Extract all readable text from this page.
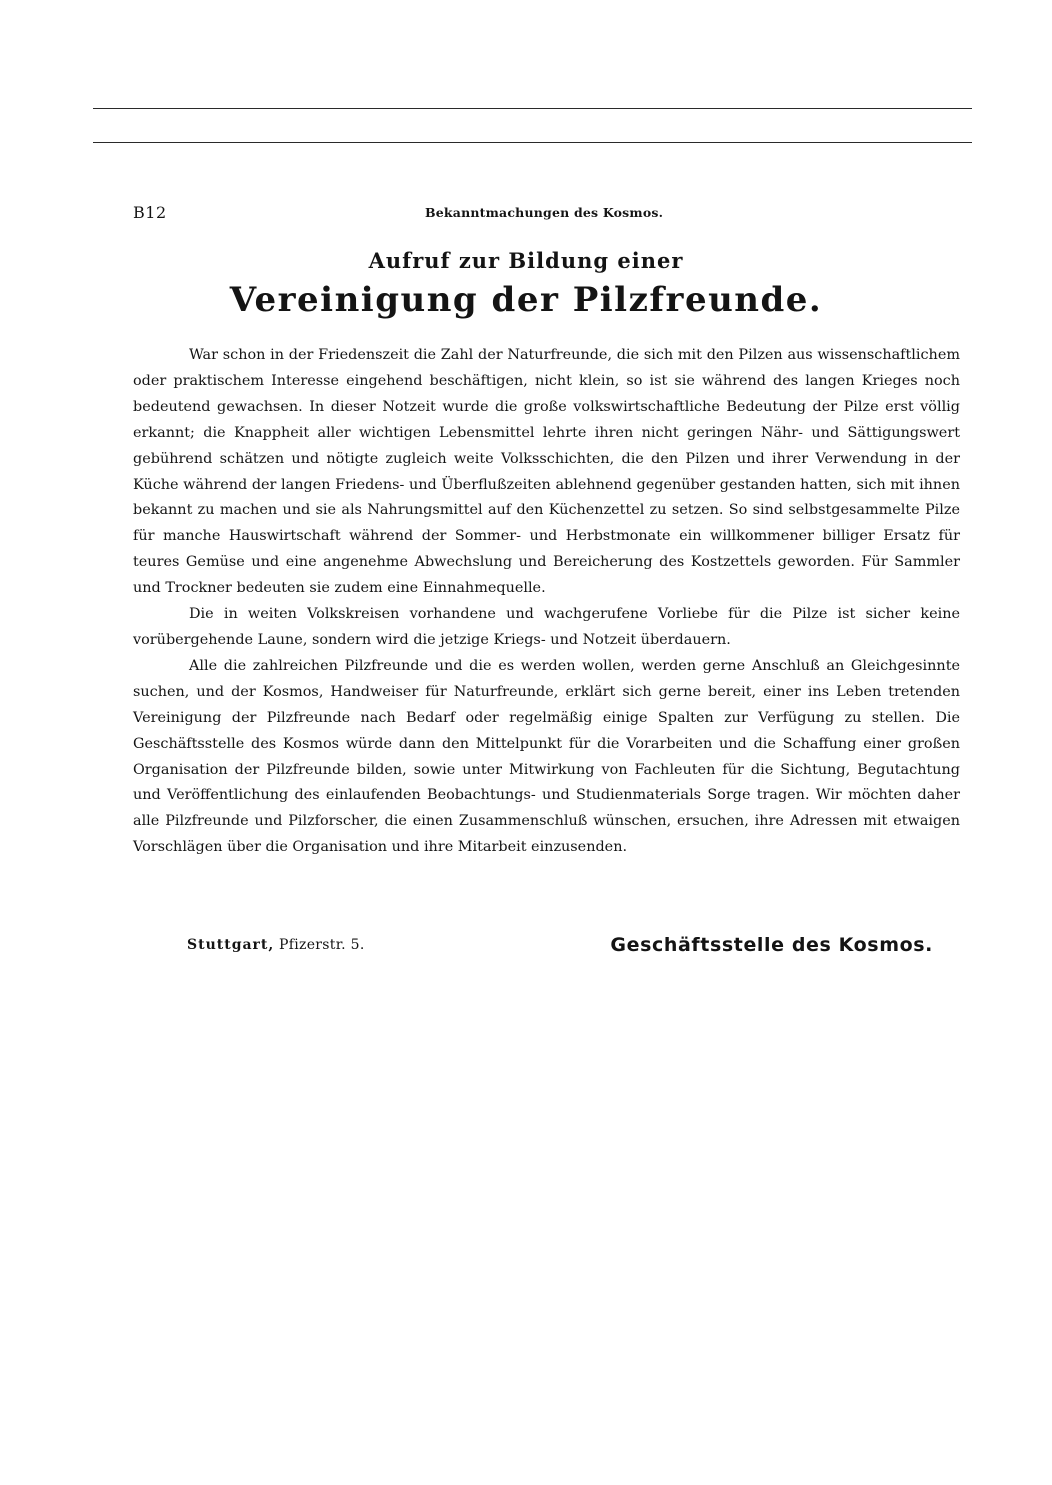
B12	Bekanntmachungen des Kosmos.
Aufruf zur Bildung einer
Vereinigung der Pilzfreunde.

War schon in der Friedenszeit die Zahl der Naturfreunde, die sich mit den Pilzen aus wissenschaftlichem oder praktischem Interesse eingehend beschäftigen, nicht klein, so ist sie während des langen Krieges noch bedeutend gewachsen. In dieser Notzeit wurde die große volkswirtschaftliche Bedeutung der Pilze erst völlig erkannt; die Knappheit aller wichtigen Lebensmittel lehrte ihren nicht geringen Nähr- und Sättigungswert gebührend schätzen und nötigte zugleich weite Volksschichten, die den Pilzen und ihrer Verwendung in der Küche während der langen Friedens- und Überflußzeiten ablehnend gegenüber gestanden hatten, sich mit ihnen bekannt zu machen und sie als Nahrungsmittel auf den Küchenzettel zu setzen. So sind selbstgesammelte Pilze für manche Hauswirtschaft während der Sommer- und Herbstmonate ein willkommener billiger Ersatz für teures Gemüse und eine angenehme Abwechslung und Bereicherung des Kostzettels geworden. Für Sammler und Trockner bedeuten sie zudem eine Einnahmequelle.

Die in weiten Volkskreisen vorhandene und wachgerufene Vorliebe für die Pilze ist sicher keine vorübergehende Laune, sondern wird die jetzige Kriegs- und Notzeit überdauern.

Alle die zahlreichen Pilzfreunde und die es werden wollen, werden gerne Anschluß an Gleichgesinnte suchen, und der Kosmos, Handweiser für Naturfreunde, erklärt sich gerne bereit, einer ins Leben tretenden Vereinigung der Pilzfreunde nach Bedarf oder regelmäßig einige Spalten zur Verfügung zu stellen. Die Geschäftsstelle des Kosmos würde dann den Mittelpunkt für die Vorarbeiten und die Schaffung einer großen Organisation der Pilzfreunde bilden, sowie unter Mitwirkung von Fachleuten für die Sichtung, Begutachtung und Veröffentlichung des einlaufenden Beobachtungs- und Studienmaterials Sorge tragen. Wir möchten daher alle Pilzfreunde und Pilzforscher, die einen Zusammenschluß wünschen, ersuchen, ihre Adressen mit etwaigen Vorschlägen über die Organisation und ihre Mitarbeit einzusenden.

Stuttgart, Pfizerstr. 5.	Geschäftsstelle des Kosmos.
